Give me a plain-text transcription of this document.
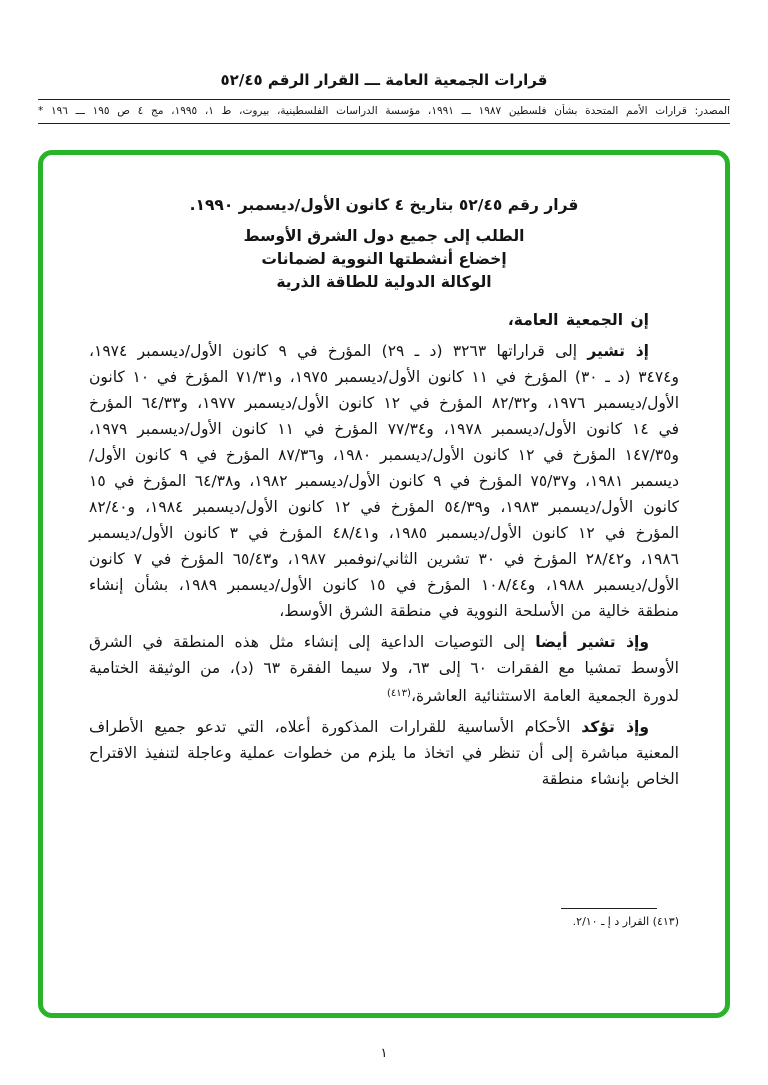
قرارات الجمعية العامة ـــ القرار الرقم ٥٢/٤٥

المصدر: قرارات الأمم المتحدة بشأن فلسطين ١٩٨٧ ـــ ١٩٩١، مؤسسة الدراسات الفلسطينية، بيروت، ط ١، ١٩٩٥، مج ٤ ص ١٩٥ ـــ ١٩٦ *

قرار رقم ٥٢/٤٥ بتاريخ ٤ كانون الأول/ديسمبر ١٩٩٠.
الطلب إلى جميع دول الشرق الأوسط
إخضاع أنشطتها النووية لضمانات
الوكالة الدولية للطاقة الذرية

إن الجمعية العامة،

إذ تشير إلى قراراتها ٣٢٦٣ (د ـ ٢٩) المؤرخ في ٩ كانون الأول/ديسمبر ١٩٧٤، و٣٤٧٤ (د ـ ٣٠) المؤرخ في ١١ كانون الأول/ديسمبر ١٩٧٥، و٧١/٣١ المؤرخ في ١٠ كانون الأول/ديسمبر ١٩٧٦، و٨٢/٣٢ المؤرخ في ١٢ كانون الأول/ديسمبر ١٩٧٧، و٦٤/٣٣ المؤرخ في ١٤ كانون الأول/ديسمبر ١٩٧٨، و٧٧/٣٤ المؤرخ في ١١ كانون الأول/ديسمبر ١٩٧٩، و١٤٧/٣٥ المؤرخ في ١٢ كانون الأول/ديسمبر ١٩٨٠، و٨٧/٣٦ المؤرخ في ٩ كانون الأول/ديسمبر ١٩٨١، و٧٥/٣٧ المؤرخ في ٩ كانون الأول/ديسمبر ١٩٨٢، و٦٤/٣٨ المؤرخ في ١٥ كانون الأول/ديسمبر ١٩٨٣، و٥٤/٣٩ المؤرخ في ١٢ كانون الأول/ديسمبر ١٩٨٤، و٨٢/٤٠ المؤرخ في ١٢ كانون الأول/ديسمبر ١٩٨٥، و٤٨/٤١ المؤرخ في ٣ كانون الأول/ديسمبر ١٩٨٦، و٢٨/٤٢ المؤرخ في ٣٠ تشرين الثاني/نوفمبر ١٩٨٧، و٦٥/٤٣ المؤرخ في ٧ كانون الأول/ديسمبر ١٩٨٨، و١٠٨/٤٤ المؤرخ في ١٥ كانون الأول/ديسمبر ١٩٨٩، بشأن إنشاء منطقة خالية من الأسلحة النووية في منطقة الشرق الأوسط،

وإذ تشير أيضا إلى التوصيات الداعية إلى إنشاء مثل هذه المنطقة في الشرق الأوسط تمشيا مع الفقرات ٦٠ إلى ٦٣، ولا سيما الفقرة ٦٣ (د)، من الوثيقة الختامية لدورة الجمعية العامة الاستثنائية العاشرة،$^{(٤١٣)}$

وإذ تؤكد الأحكام الأساسية للقرارات المذكورة أعلاه، التي تدعو جميع الأطراف المعنية مباشرة إلى أن تنظر في اتخاذ ما يلزم من خطوات عملية وعاجلة لتنفيذ الاقتراح الخاص بإنشاء منطقة

(٤١٣) القرار د إ ـ ٢/١٠.

١
